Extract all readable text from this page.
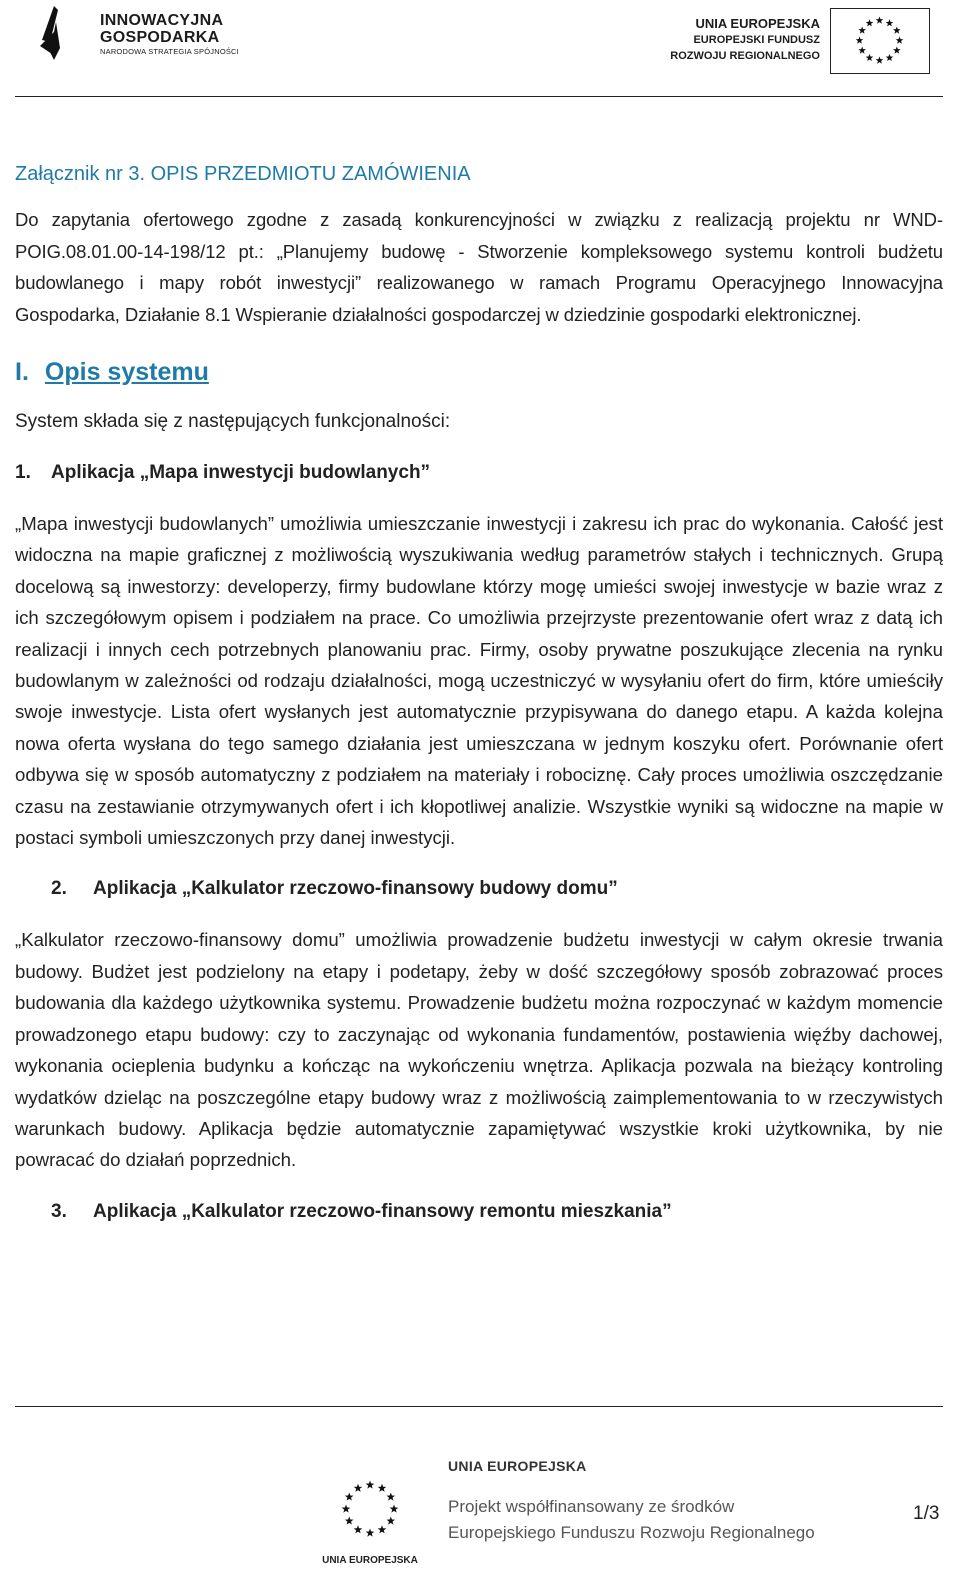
INNOWACYJNA
GOSPODARKA
NARODOWA STRATEGIA SPÓJNOŚCI
UNIA EUROPEJSKA
EUROPEJSKI FUNDUSZ
ROZWOJU REGIONALNEGO

Załącznik nr 3. OPIS PRZEDMIOTU ZAMÓWIENIA

Do zapytania ofertowego zgodne z zasadą konkurencyjności w związku z realizacją projektu nr WND-POIG.08.01.00-14-198/12 pt.: „Planujemy budowę - Stworzenie kompleksowego systemu kontroli budżetu budowlanego i mapy robót inwestycji” realizowanego w ramach Programu Operacyjnego Innowacyjna Gospodarka, Działanie 8.1 Wspieranie działalności gospodarczej w dziedzinie gospodarki elektronicznej.

I. Opis systemu

System składa się z następujących funkcjonalności:

1. Aplikacja „Mapa inwestycji budowlanych”

„Mapa inwestycji budowlanych” umożliwia umieszczanie inwestycji i zakresu ich prac do wykonania. Całość jest widoczna na mapie graficznej z możliwością wyszukiwania według parametrów stałych i technicznych. Grupą docelową są inwestorzy: developerzy, firmy budowlane którzy mogę umieści swojej inwestycje w bazie wraz z ich szczegółowym opisem i podziałem na prace. Co umożliwia przejrzyste prezentowanie ofert wraz z datą ich realizacji i innych cech potrzebnych planowaniu prac. Firmy, osoby prywatne poszukujące zlecenia na rynku budowlanym w zależności od rodzaju działalności, mogą uczestniczyć w wysyłaniu ofert do firm, które umieściły swoje inwestycje. Lista ofert wysłanych jest automatycznie przypisywana do danego etapu. A każda kolejna nowa oferta wysłana do tego samego działania jest umieszczana w jednym koszyku ofert. Porównanie ofert odbywa się w sposób automatyczny z podziałem na materiały i robociznę. Cały proces umożliwia oszczędzanie czasu na zestawianie otrzymywanych ofert i ich kłopotliwej analizie. Wszystkie wyniki są widoczne na mapie w postaci symboli umieszczonych przy danej inwestycji.

2. Aplikacja „Kalkulator rzeczowo-finansowy budowy domu”

„Kalkulator rzeczowo-finansowy domu” umożliwia prowadzenie budżetu inwestycji w całym okresie trwania budowy. Budżet jest podzielony na etapy i podetapy, żeby w dość szczegółowy sposób zobrazować proces budowania dla każdego użytkownika systemu. Prowadzenie budżetu można rozpoczynać w każdym momencie prowadzonego etapu budowy: czy to zaczynając od wykonania fundamentów, postawienia więźby dachowej, wykonania ocieplenia budynku a kończąc na wykończeniu wnętrza. Aplikacja pozwala na bieżący kontroling wydatków dzieląc na poszczególne etapy budowy wraz z możliwością zaimplementowania to w rzeczywistych warunkach budowy. Aplikacja będzie automatycznie zapamiętywać wszystkie kroki użytkownika, by nie powracać do działań poprzednich.

3. Aplikacja „Kalkulator rzeczowo-finansowy remontu mieszkania”

UNIA EUROPEJSKA
UNIA EUROPEJSKA
Projekt współfinansowany ze środków
Europejskiego Funduszu Rozwoju Regionalnego
1/3
